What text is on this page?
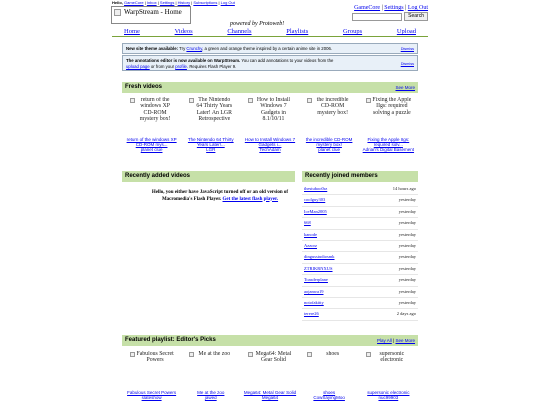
Hello, GameCore | Inbox | Settings | History | Subscriptions | Log Out
WarpStream - Home	GameCore | Settings | Log Out
Search
powered by Protoweb!
Home	Videos	Channels	Playlists	Groups	Upload
New site theme available: Try Crunchy, a green and orange theme inspired by a certain anime site in 2006.	Dismiss
The annotations editor is now available on WarpStream. You can add annotations to your videos from the
upload page or from your profile. Requires Flash Player 9.	Dismiss
Fresh videos	See More
return of the windows XP CD-ROM mystery box!
return of the windows XP CD-ROM mys...
planet clue
The Nintendo 64 Thirty Years Later! An LGR Retrospective
The Nintendo 64 Thirty Years Later!...
LGR
How to Install Windows 7 Gadgets in 8.1/10/11
How to Install Windows 7 Gadgets i...
TechAdam
the incredible CD-ROM mystery box!
the incredible CD-ROM mystery box!
planet clue
Fixing the Apple IIgs: required solving a puzzle
Fixing the Apple IIgs: required solv...
Adrian's Digital Basement
Recently added videos
Hello, you either have JavaScript turned off or an old version of Macromedia's Flash Player. Get the latest flash player.
Recently joined members
thestuboo0rz	14 hours ago
coolguy303	yesterday
IceMan2005	yesterday
668	yesterday
kanode	yesterday
Azzorz	yesterday
dingusstudiosmk	yesterday
ZTRIKRNXUS	yesterday
Toasderplane	yesterday
aojanwa19	yesterday
notofakitty	yesterday
terere26	2 days ago
Featured playlist: Editor's Picks	Play All | See More
Fabulous Secret Powers
Fabulous Secret Powers
slateshow
Me at the zoo
Me at the zoo
jawed
Mega64: Metal Gear Solid
Mega64: Metal Gear Solid
Mega64
shoes
shoes
CowSayingMoo
supersonic electronic
supersonic electronic
nuc99903
